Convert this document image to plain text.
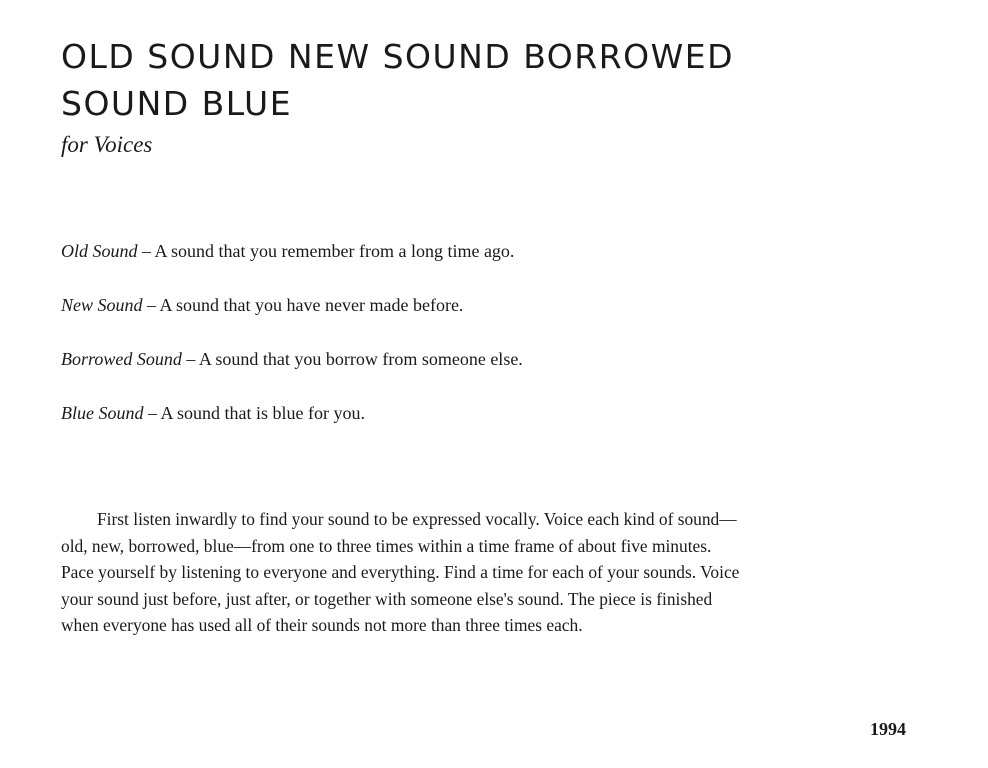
OLD SOUND NEW SOUND BORROWED
SOUND BLUE

for Voices

Old Sound – A sound that you remember from a long time ago.

New Sound – A sound that you have never made before.

Borrowed Sound – A sound that you borrow from someone else.

Blue Sound – A sound that is blue for you.

First listen inwardly to find your sound to be expressed vocally. Voice each kind of sound—
old, new, borrowed, blue—from one to three times within a time frame of about five minutes.
Pace yourself by listening to everyone and everything. Find a time for each of your sounds. Voice
your sound just before, just after, or together with someone else's sound. The piece is finished
when everyone has used all of their sounds not more than three times each.

1994
